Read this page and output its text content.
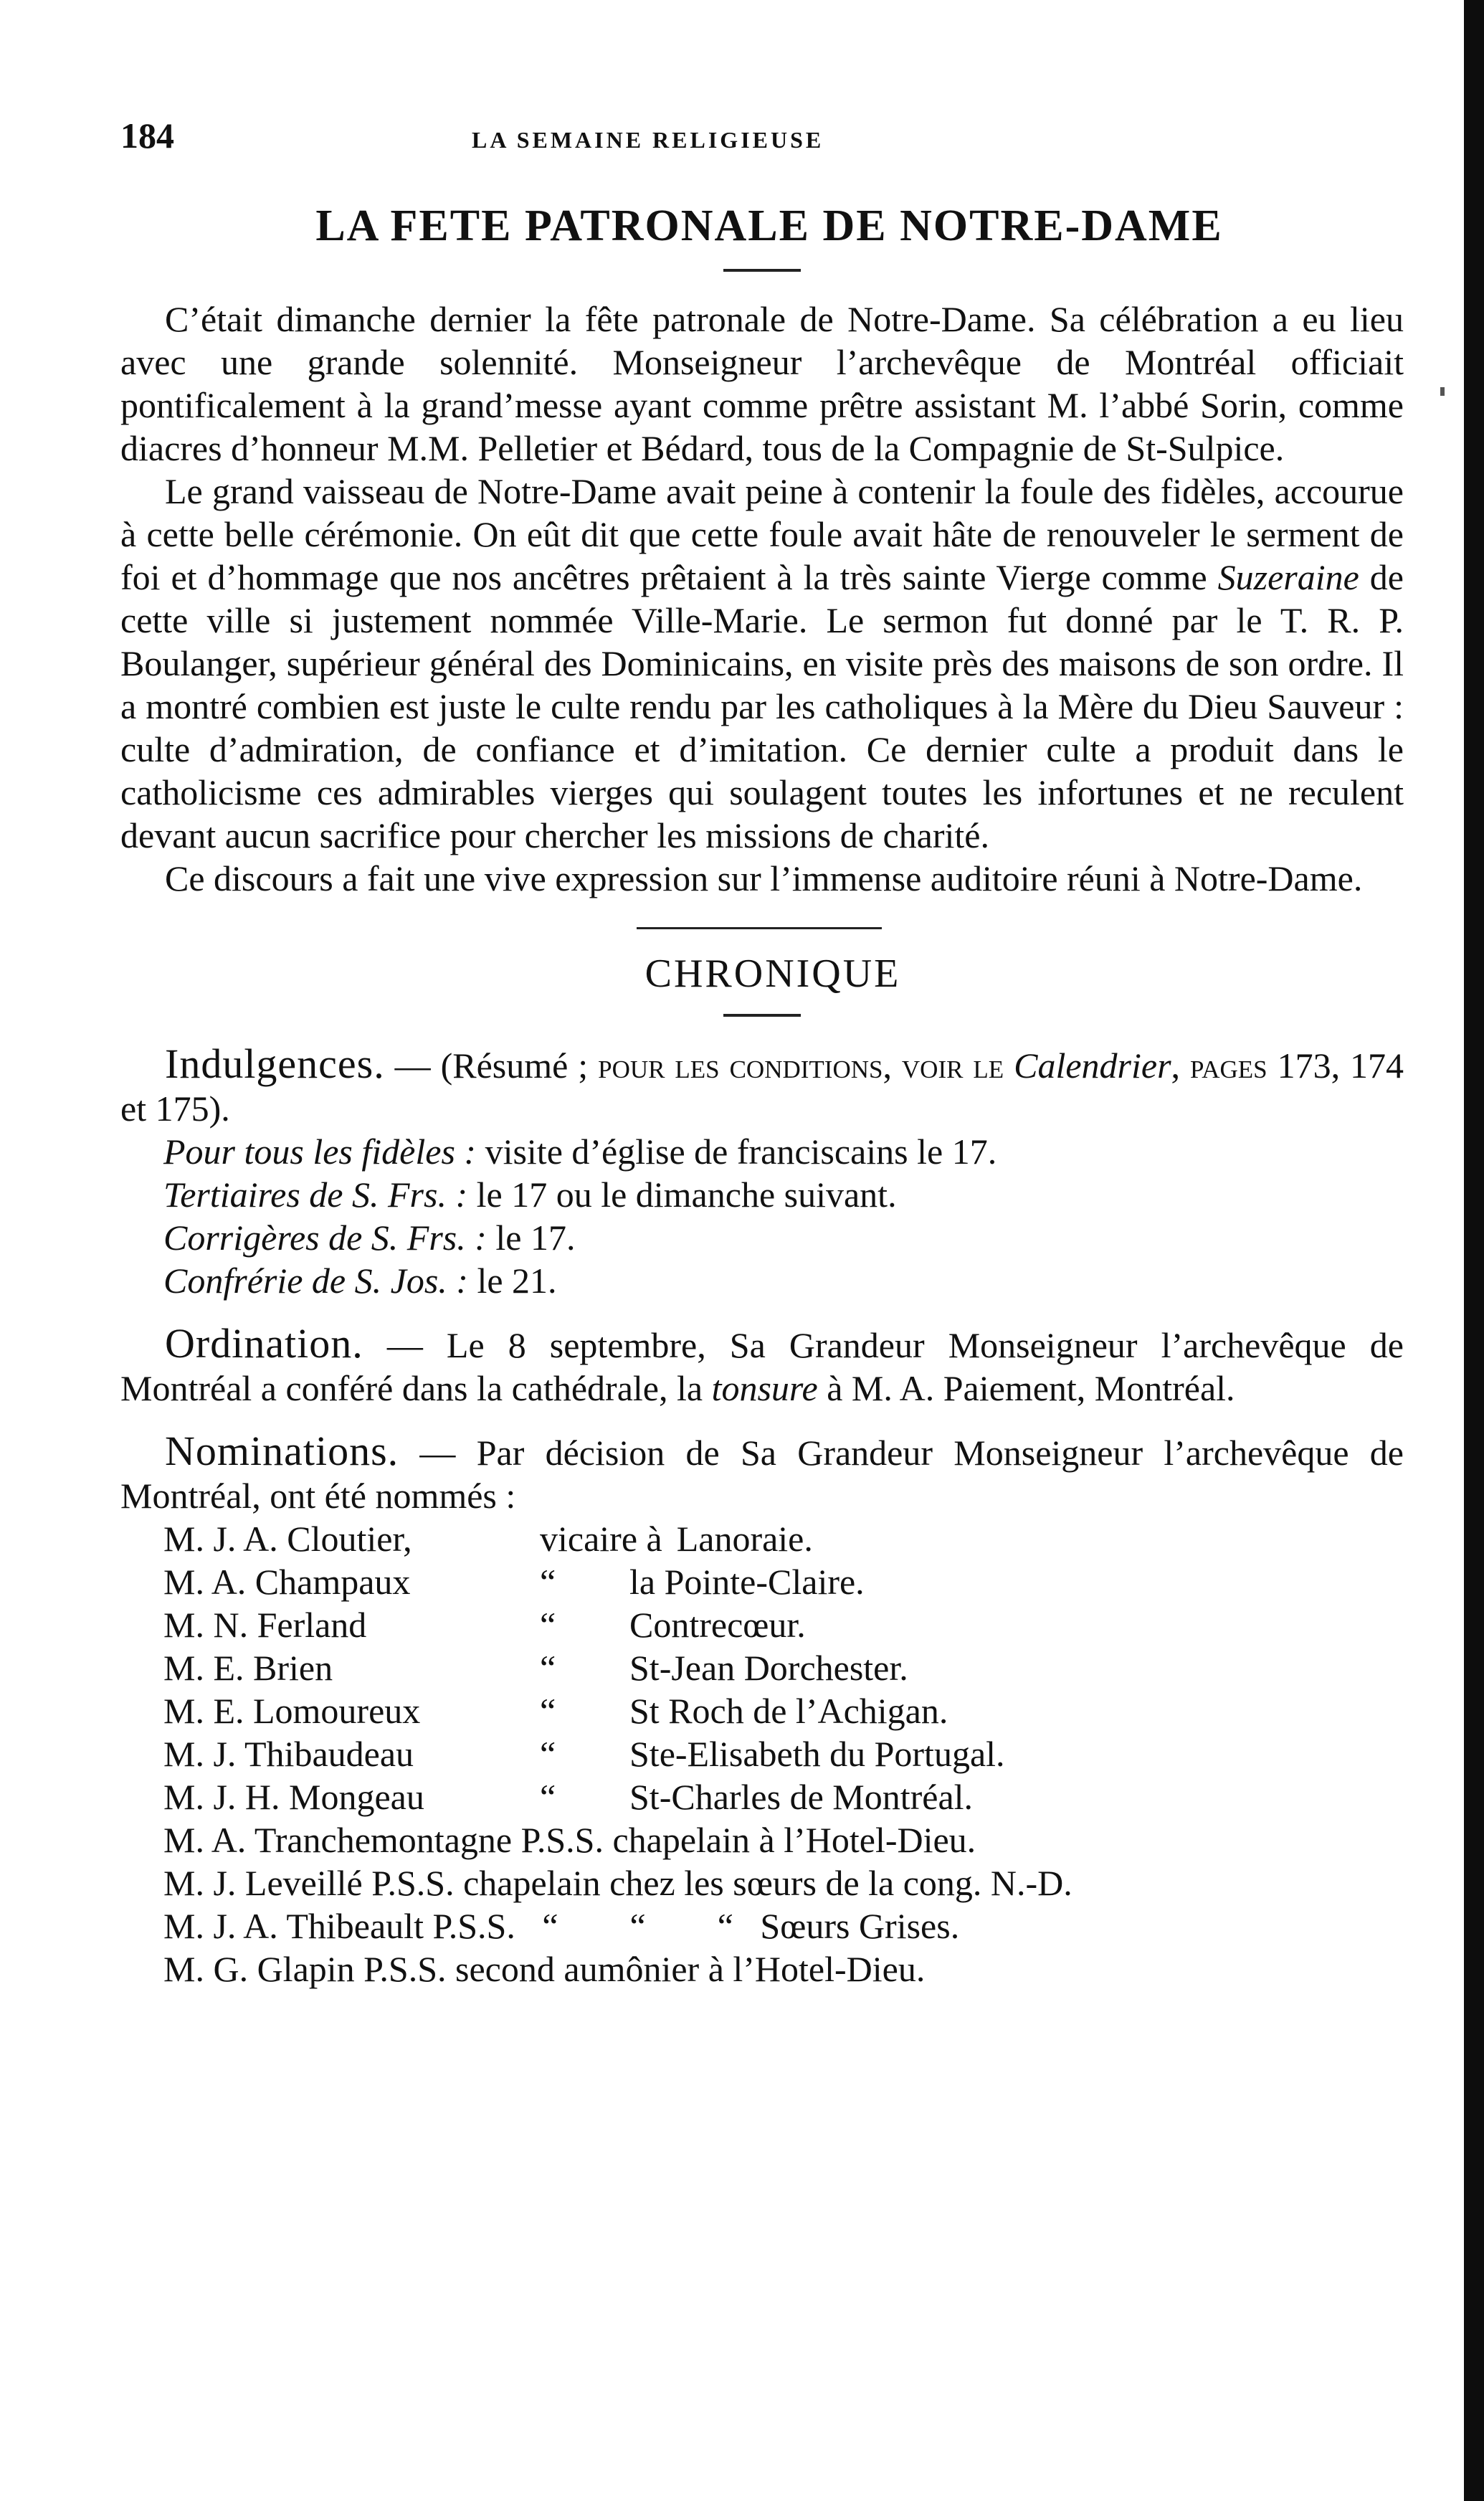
184	LA SEMAINE RELIGIEUSE
LA FETE PATRONALE DE NOTRE-DAME

C’était dimanche dernier la fête patronale de Notre-Dame. Sa célébration a eu lieu avec une grande solennité. Monseigneur l’archevêque de Montréal officiait pontificalement à la grand’messe ayant comme prêtre assistant M. l’abbé Sorin, comme diacres d’honneur M.M. Pelletier et Bédard, tous de la Compagnie de St-Sulpice.

Le grand vaisseau de Notre-Dame avait peine à contenir la foule des fidèles, accourue à cette belle cérémonie. On eût dit que cette foule avait hâte de renouveler le serment de foi et d’hommage que nos ancêtres prêtaient à la très sainte Vierge comme Suzeraine de cette ville si justement nommée Ville-Marie. Le sermon fut donné par le T. R. P. Boulanger, supérieur général des Dominicains, en visite près des maisons de son ordre. Il a montré combien est juste le culte rendu par les catholiques à la Mère du Dieu Sauveur : culte d’admiration, de confiance et d’imitation. Ce dernier culte a produit dans le catholicisme ces admirables vierges qui soulagent toutes les infortunes et ne reculent devant aucun sacrifice pour chercher les missions de charité.

Ce discours a fait une vive expression sur l’immense auditoire réuni à Notre-Dame.

CHRONIQUE

Indulgences. — (Résumé ; pour les conditions, voir le Calendrier, pages 173, 174 et 175).

Pour tous les fidèles : visite d’église de franciscains le 17.

Tertiaires de S. Frs. : le 17 ou le dimanche suivant.

Corrigères de S. Frs. : le 17.

Confrérie de S. Jos. : le 21.

Ordination. — Le 8 septembre, Sa Grandeur Monseigneur l’archevêque de Montréal a conféré dans la cathédrale, la tonsure à M. A. Paiement, Montréal.

Nominations. — Par décision de Sa Grandeur Monseigneur l’archevêque de Montréal, ont été nommés :

M. J. A. Cloutier,	vicaire à Lanoraie.
M. A. Champaux	“	la Pointe-Claire.
M. N. Ferland	“	Contrecœur.
M. E. Brien	“	St-Jean Dorchester.
M. E. Lomoureux	“	St Roch de l’Achigan.
M. J. Thibaudeau	“	Ste-Elisabeth du Portugal.
M. J. H. Mongeau	“	St-Charles de Montréal.
M. A. Tranchemontagne P.S.S. chapelain à l’Hotel-Dieu.
M. J. Leveillé P.S.S. chapelain chez les sœurs de la cong. N.-D.
M. J. A. Thibeault P.S.S.   “        “        “   Sœurs Grises.
M. G. Glapin P.S.S. second aumônier à l’Hotel-Dieu.
